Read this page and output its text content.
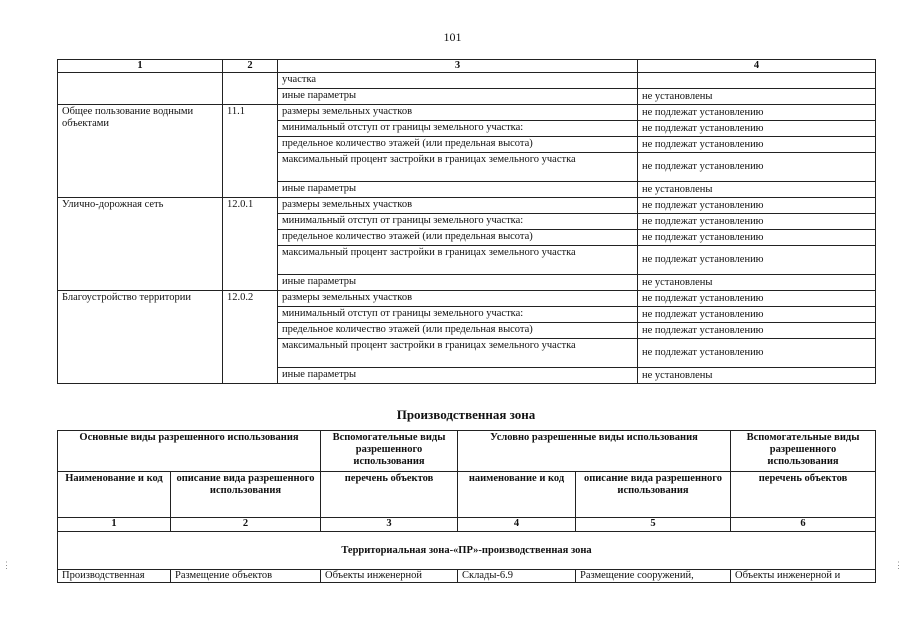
101
1	2	3	4
		участка	
		иные параметры	не установлены
Общее пользование водными объектами	11.1	размеры земельных участков	не подлежат установлению
		минимальный отступ от границы земельного участка:	не подлежат установлению
		предельное количество этажей (или предельная высота)	не подлежат установлению
		максимальный процент застройки в границах земельного участка	не подлежат установлению
		иные параметры	не установлены
Улично-дорожная сеть	12.0.1	размеры земельных участков	не подлежат установлению
		минимальный отступ от границы земельного участка:	не подлежат установлению
		предельное количество этажей (или предельная высота)	не подлежат установлению
		максимальный процент застройки в границах земельного участка	не подлежат установлению
		иные параметры	не установлены
Благоустройство территории	12.0.2	размеры земельных участков	не подлежат установлению
		минимальный отступ от границы земельного участка:	не подлежат установлению
		предельное количество этажей (или предельная высота)	не подлежат установлению
		максимальный процент застройки в границах земельного участка	не подлежат установлению
		иные параметры	не установлены
Производственная зона
Основные виды разрешенного использования		Вспомогательные виды разрешенного использования	Условно разрешенные виды использования		Вспомогательные виды разрешенного использования
Наименование и код	описание вида разрешенного использования	перечень объектов	наименование и код	описание вида разрешенного использования	перечень объектов
1	2	3	4	5	6
Территориальная зона-«ПР»-производственная зона					
Производственная	Размещение объектов	Объекты инженерной	Склады-6.9	Размещение сооружений,	Объекты инженерной и
⋮	⋮
